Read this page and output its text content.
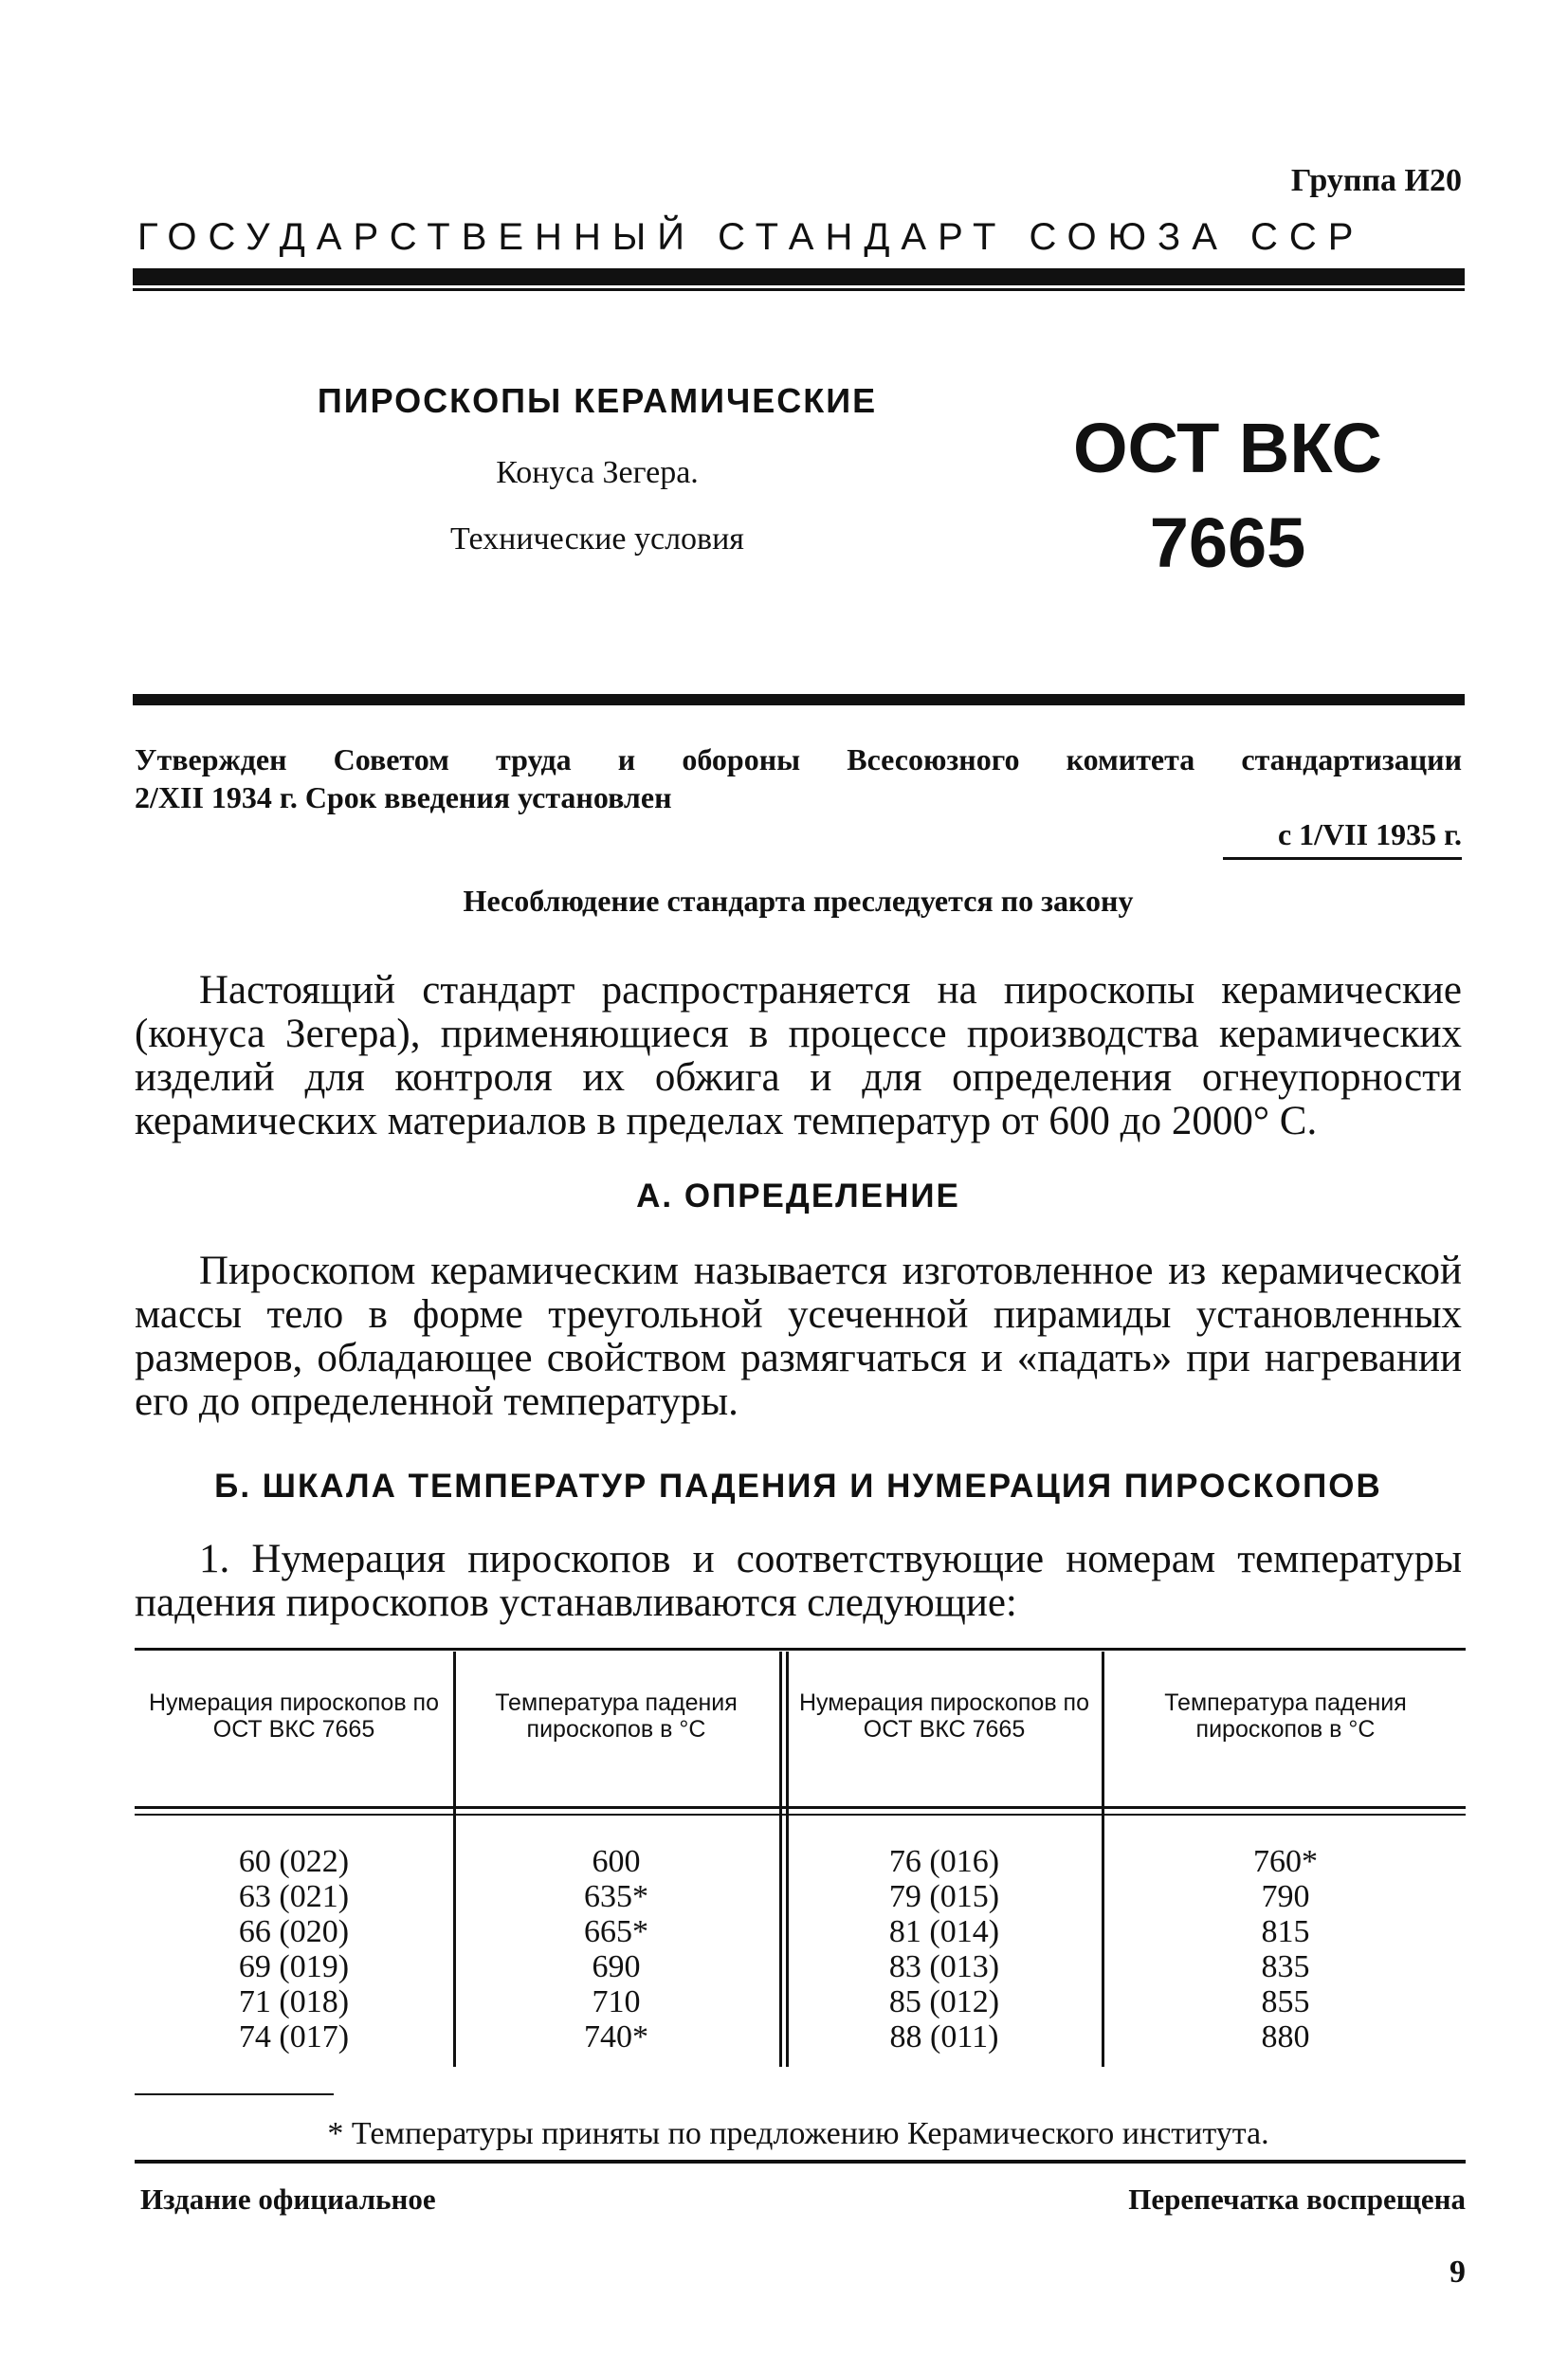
Группа И20
ГОСУДАРСТВЕННЫЙ СТАНДАРТ СОЮЗА ССР
ПИРОСКОПЫ КЕРАМИЧЕСКИЕ
Конуса Зегера.
Технические условия
ОСТ ВКС
7665
Утвержден Советом труда и обороны Всесоюзного комитета стандартизации
2/XII 1934 г. Срок введения установлен
с 1/VII 1935 г.
Несоблюдение стандарта преследуется по закону
Настоящий стандарт распространяется на пироскопы керамические (конуса Зегера), применяющиеся в процессе производства керамических изделий для контроля их обжига и для определения огнеупорности керамических материалов в пределах температур от 600 до 2000° С.
А. ОПРЕДЕЛЕНИЕ
Пироскопом керамическим называется изготовленное из керамической массы тело в форме треугольной усеченной пирамиды установленных размеров, обладающее свойством размягчаться и «падать» при нагревании его до определенной температуры.
Б. ШКАЛА ТЕМПЕРАТУР ПАДЕНИЯ И НУМЕРАЦИЯ ПИРОСКОПОВ
1. Нумерация пироскопов и соответствующие номерам температуры падения пироскопов устанавливаются следующие:
Нумерация пироскопов по ОСТ ВКС 7665
Температура падения пироскопов в °С
Нумерация пироскопов по ОСТ ВКС 7665
Температура падения пироскопов в °С
60 (022)
63 (021)
66 (020)
69 (019)
71 (018)
74 (017)
600
635*
665*
690
710
740*
76 (016)
79 (015)
81 (014)
83 (013)
85 (012)
88 (011)
760*
790
815
835
855
880
* Температуры приняты по предложению Керамического института.
Издание официальное	Перепечатка воспрещена
9
